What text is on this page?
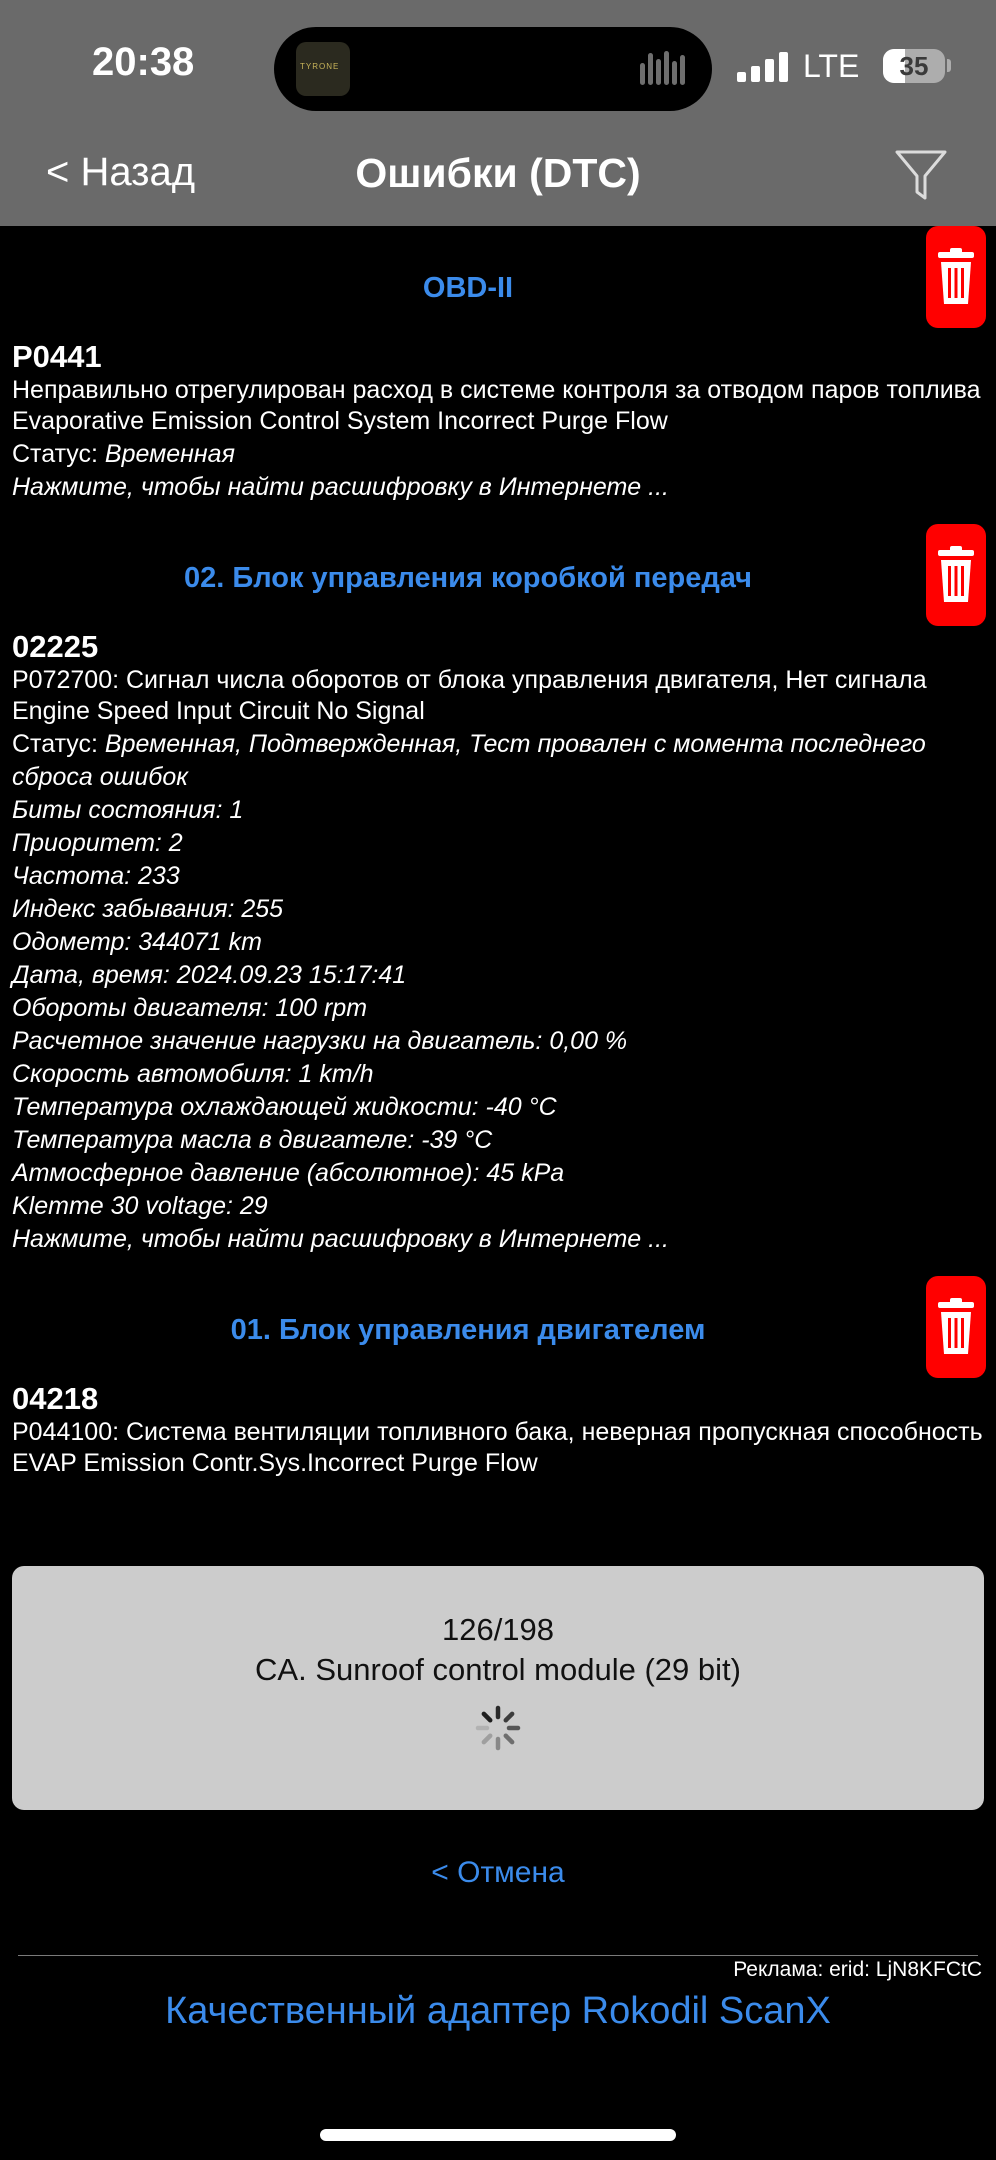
20:38	TYRONE	LTE	35
< Назад	Ошибки (DTC)
OBD-II
P0441
Неправильно отрегулирован расход в системе контроля за отводом паров топлива
Evaporative Emission Control System Incorrect Purge Flow
Статус: Временная
Нажмите, чтобы найти расшифровку в Интернете ...
02. Блок управления коробкой передач
02225
P072700: Сигнал числа оборотов от блока управления двигателя, Нет сигнала
Engine Speed Input Circuit No Signal
Статус: Временная, Подтвержденная, Тест провален с момента последнего сброса ошибок
Биты состояния: 1
Приоритет: 2
Частота: 233
Индекс забывания: 255
Одометр: 344071 km
Дата, время: 2024.09.23 15:17:41
Обороты двигателя: 100 rpm
Расчетное значение нагрузки на двигатель: 0,00 %
Скорость автомобиля: 1 km/h
Температура охлаждающей жидкости: -40 °C
Температура масла в двигателе: -39 °C
Атмосферное давление (абсолютное): 45 kPa
Klemme 30 voltage: 29
Нажмите, чтобы найти расшифровку в Интернете ...
01. Блок управления двигателем
04218
P044100: Система вентиляции топливного бака, неверная пропускная способность
EVAP Emission Contr.Sys.Incorrect Purge Flow
126/198
CA. Sunroof control module (29 bit)
< Отмена
Реклама: erid: LjN8KFCtC
Качественный адаптер Rokodil ScanX
